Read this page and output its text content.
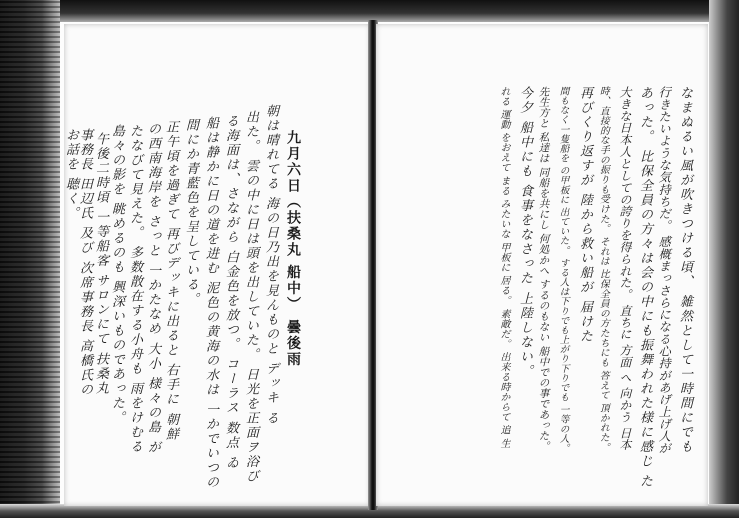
九月六日（扶桑丸 船中） 曇後雨
朝は晴れてる 海の日乃出を見んものと デッキ る
出た。 雲の中に日は頭を出していた。 日光を正面ヲ浴び
る海面は、さながら 白金色を放つ。 コーラス 数点 ゐ
船は静かに日の道を进む 泥色の黄海の水は 一かでいつの
間にか青藍色を呈している。
正午頃を過ぎて 再びデッキに出ると 右手に 朝鮮
の西南海岸を さっと 一かたなめ 大小 様々の島 が
たなびて見えた。 多数散在する小舟も 雨をけむる
島々の影を 眺めるのも 興深いものであった。
午後二時頃 一等船客 サロンにて 扶桑丸
事務長 田辺氏 及び 次席事務長 高橋氏の
お話を 聴く。	なまぬるい風が吹きつける頃、 雑然として一時間にでも
行きたいような気持ちだ。 感概まっさらになる心持があげ上げ人が
あった。 比保全員の方々は会の中にも振舞われた様に感じ た
大きな日本人としての誇りを得られた。 直ちに 方面 へ 向かう 日本
時、直接的な手の振りも受けた。 それは 比保全員の方たちにも 答えて 頂かれた。
再びくり返すが 陸から救い船が 届けた
間もなく一隻船を の甲板に 出ていた。 する人は下りでも上がり下りでも 一等の人。
先生方と 私達は 同船を共にし 何処かへ するのもない 船中での事であった。
今夕 船中にも 食事をなさった 上陸しない。
れる 運動 をおえて まる みたいな 甲板に 居る。 素敵だ。 出来る時からて 追 生
